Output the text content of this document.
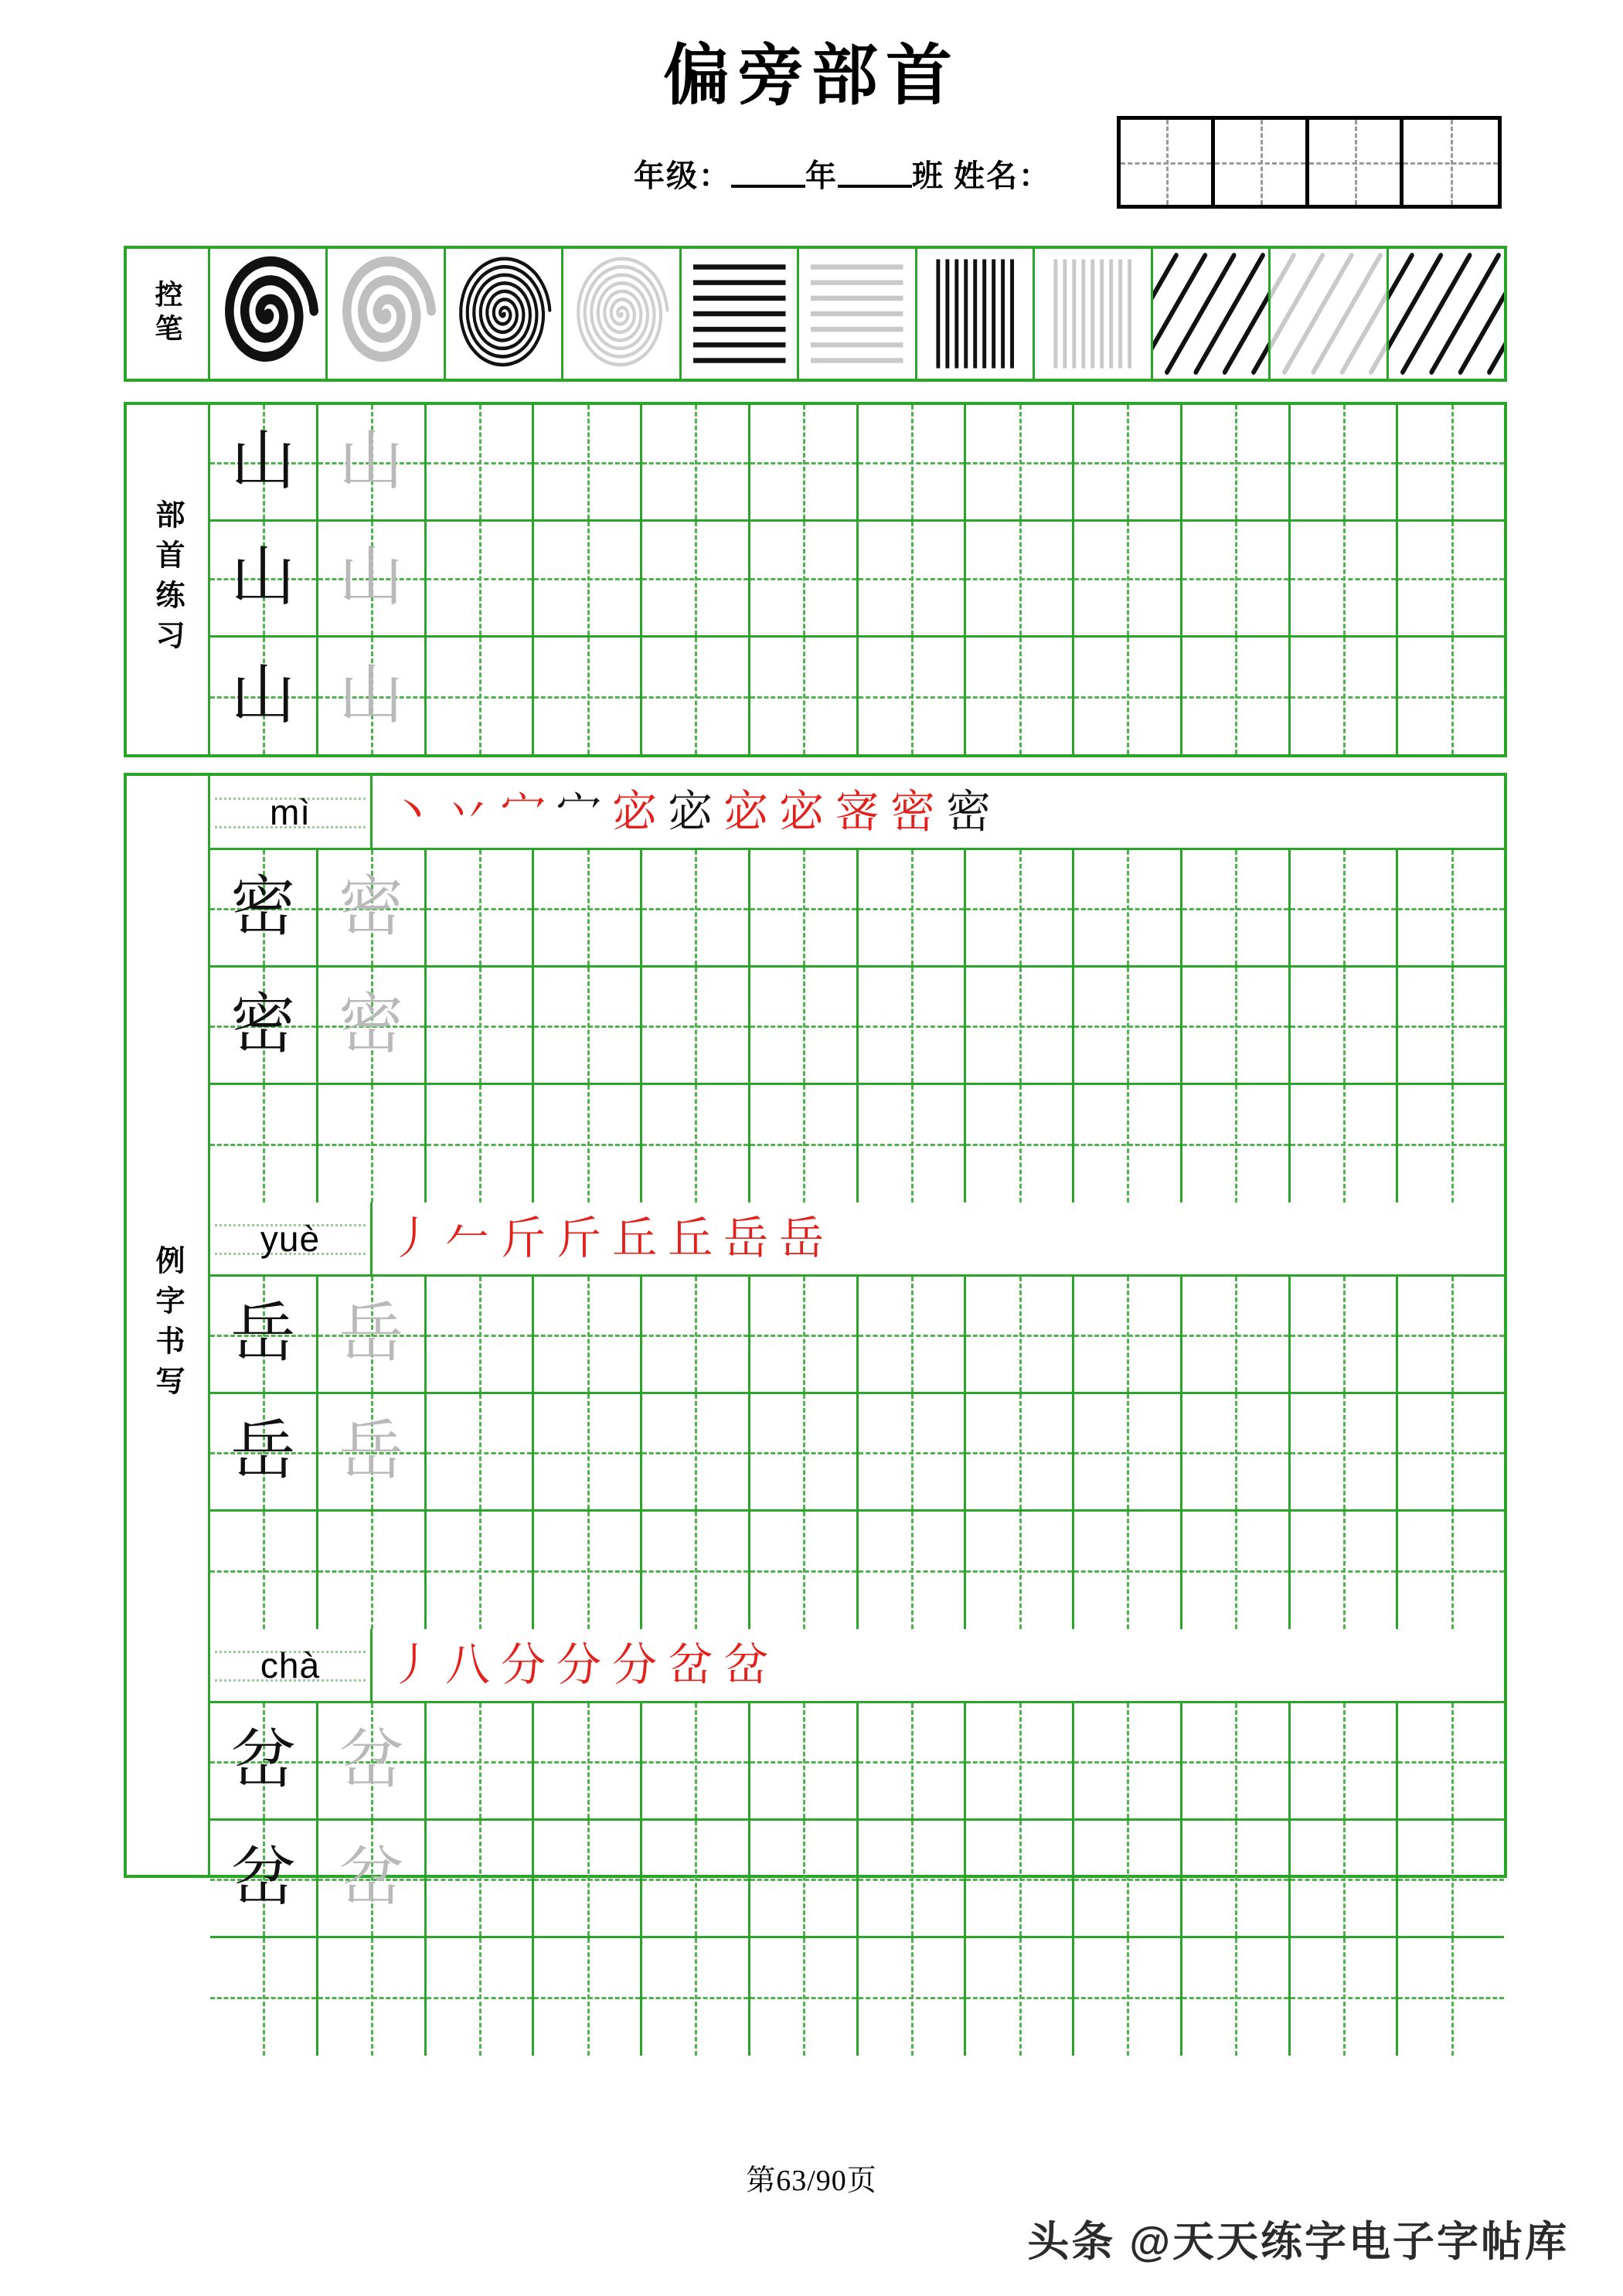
偏旁部首
年级： 年 班 姓名：
控笔
部首练习
山 山
山 山
山 山
例字书写
mì 丶 丷 宀 宀 宓 宓 宓 宓 宻 密 密
密 密
密 密
yuè 丿 𠂉 斤 斤 丘 丘 岳 岳
岳 岳
岳 岳
chà 丿 八 分 分 分 岔 岔
岔 岔
岔 岔
第63/90页
头条 @天天练字电子字帖库
